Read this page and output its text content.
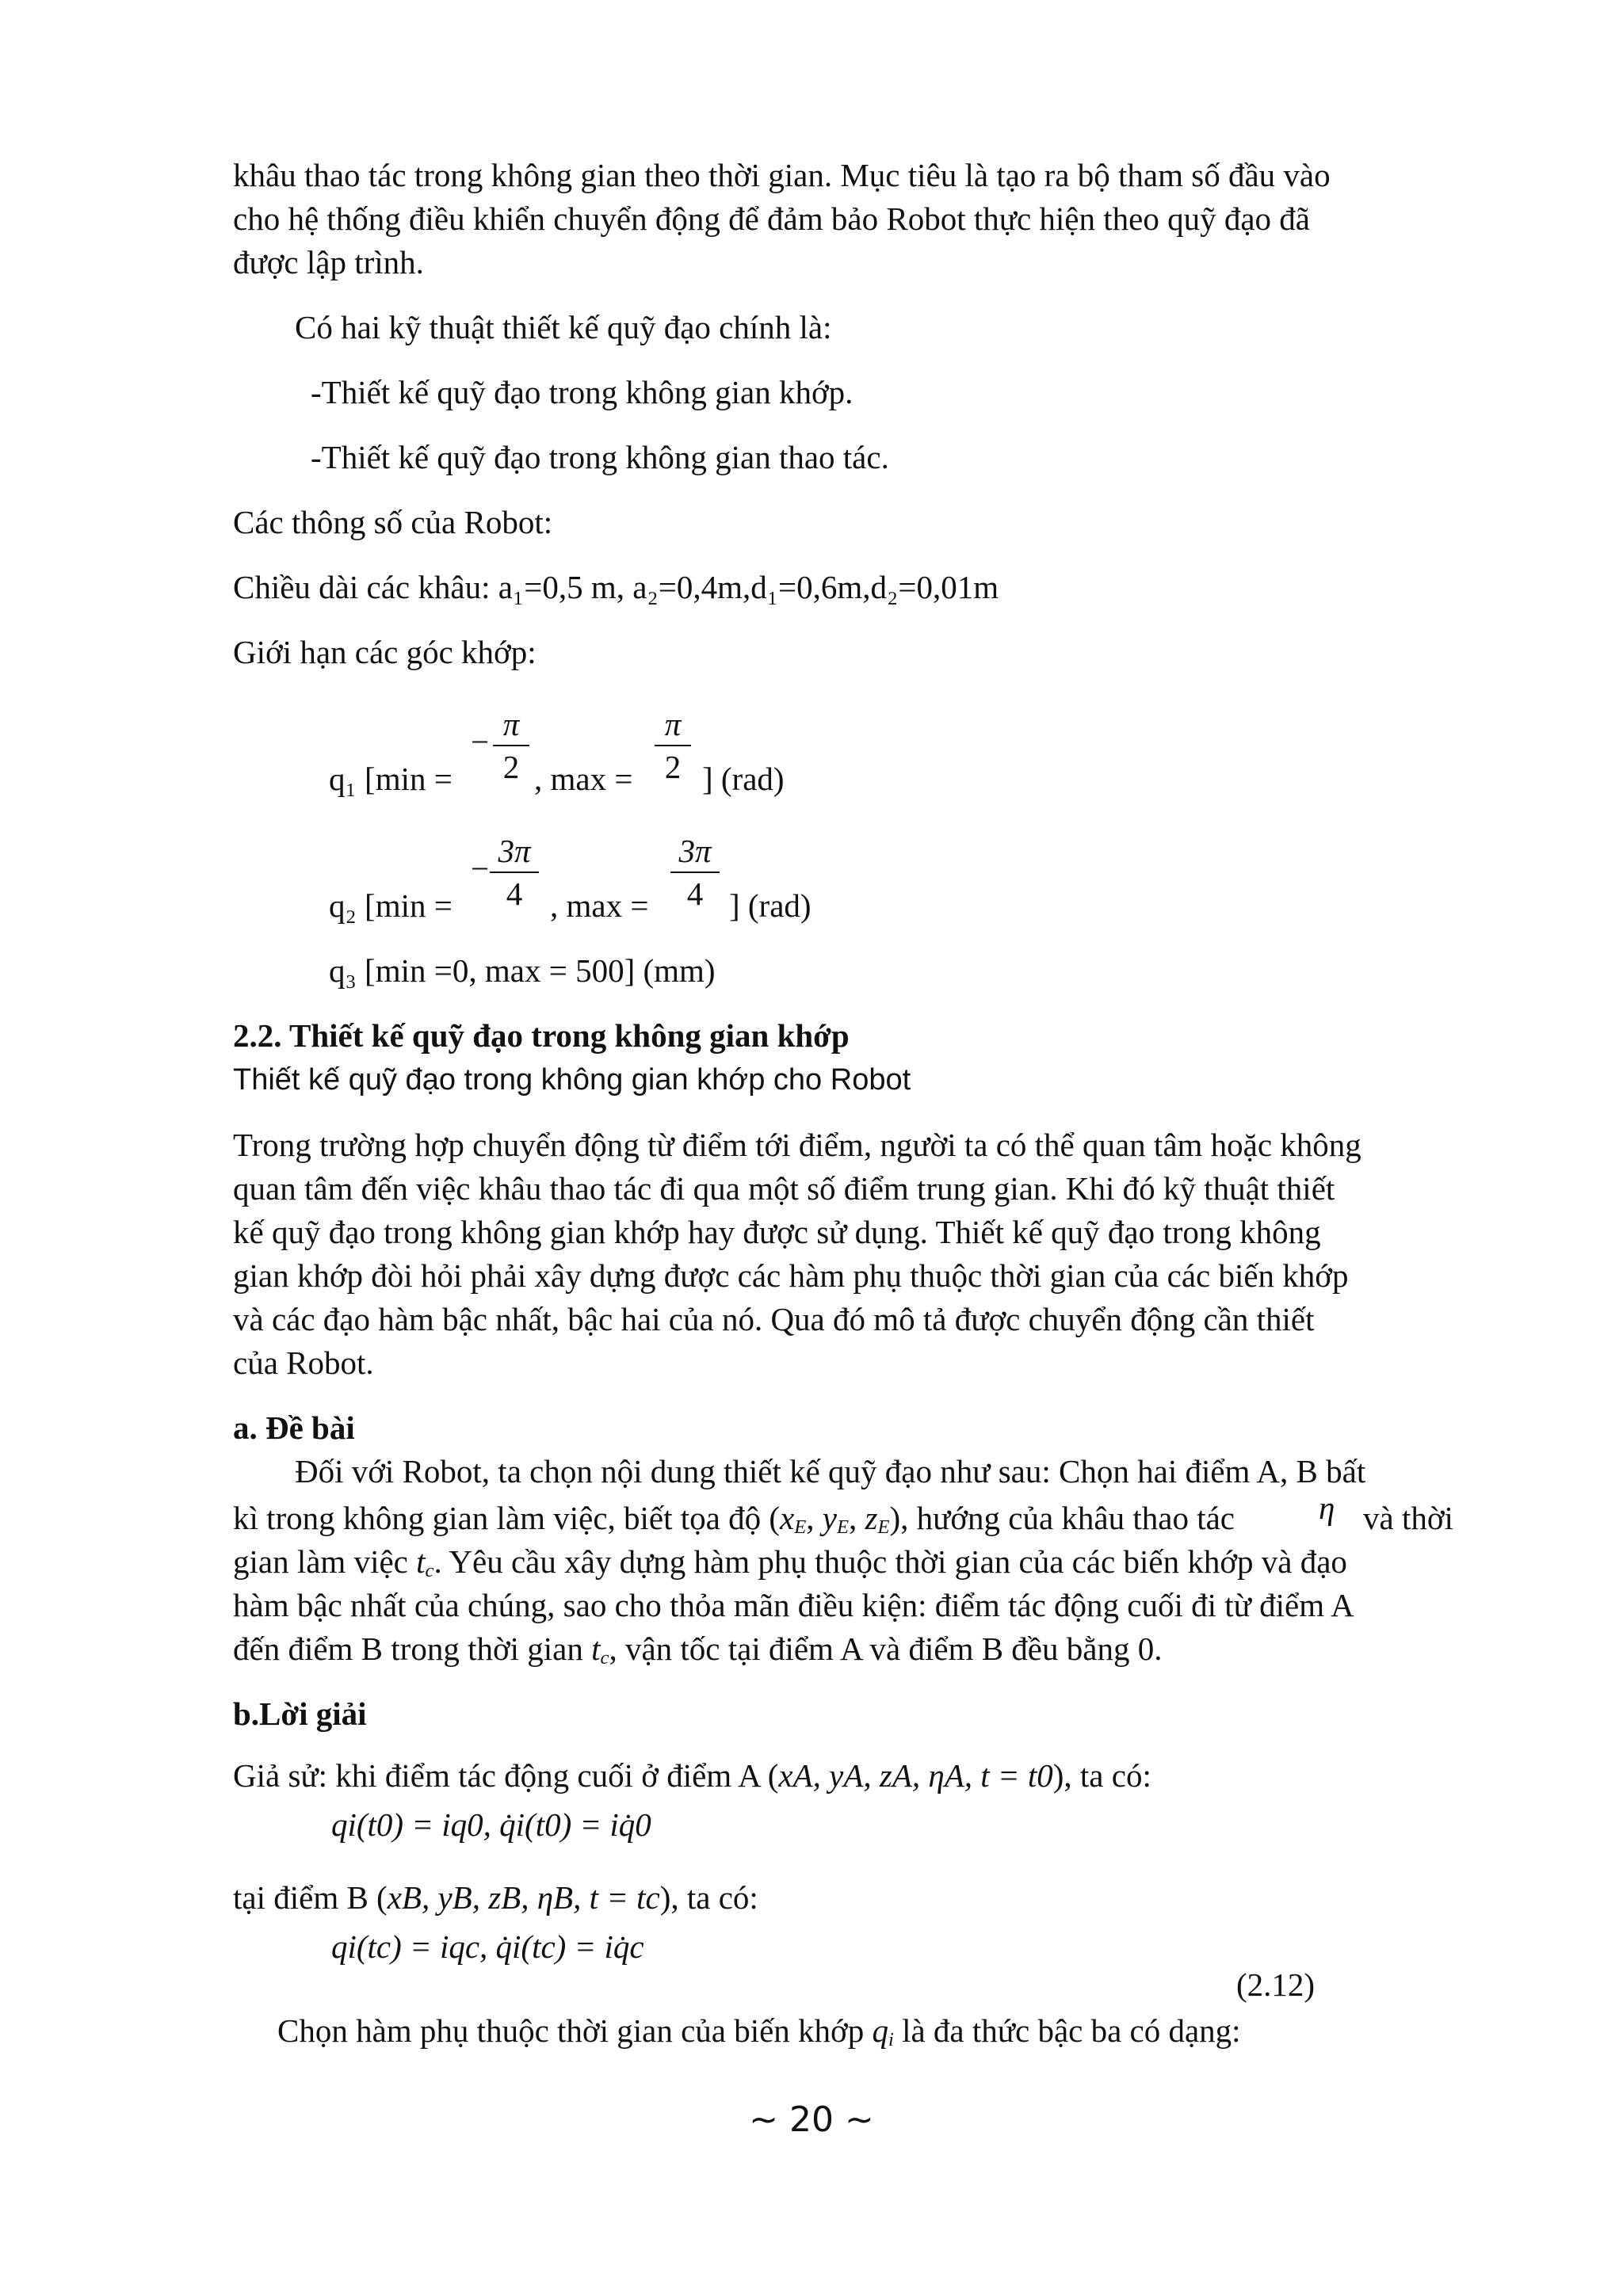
khâu thao tác trong không gian theo thời gian. Mục tiêu là tạo ra bộ tham số đầu vào
cho hệ thống điều khiển chuyển động để đảm bảo Robot thực hiện theo quỹ đạo đã
được lập trình.
Có hai kỹ thuật thiết kế quỹ đạo chính là:
-Thiết kế quỹ đạo trong không gian khớp.
-Thiết kế quỹ đạo trong không gian thao tác.
Các thông số của Robot:
Chiều dài các khâu: a₁=0,5 m, a₂=0,4m,d₁=0,6m,d₂=0,01m
Giới hạn các góc khớp:
q₁ [min =
− $\frac{\pi}{2}$ , $\max = \frac{\pi}{2}$ ] (rad)
q₂ [min =
− $\frac{3\pi}{4}$ , $\max = \frac{3\pi}{4}$ ] (rad)
q₃ [min =0, max = 500] (mm)
2.2. Thiết kế quỹ đạo trong không gian khớp
Thiết kế quỹ đạo trong không gian khớp cho Robot
Trong trường hợp chuyển động từ điểm tới điểm, người ta có thể quan tâm hoặc không
quan tâm đến việc khâu thao tác đi qua một số điểm trung gian. Khi đó kỹ thuật thiết
kế quỹ đạo trong không gian khớp hay được sử dụng. Thiết kế quỹ đạo trong không
gian khớp đòi hỏi phải xây dựng được các hàm phụ thuộc thời gian của các biến khớp
và các đạo hàm bậc nhất, bậc hai của nó. Qua đó mô tả được chuyển động cần thiết
của Robot.
a. Đề bài
Đối với Robot, ta chọn nội dung thiết kế quỹ đạo như sau: Chọn hai điểm A, B bất
kì trong không gian làm việc, biết tọa độ ($x_E$, $y_E$, $z_E$), hướng của khâu thao tác	η và thời
gian làm việc $t_c$. Yêu cầu xây dựng hàm phụ thuộc thời gian của các biến khớp và đạo
hàm bậc nhất của chúng, sao cho thỏa mãn điều kiện: điểm tác động cuối đi từ điểm A
đến điểm B trong thời gian $t_c$, vận tốc tại điểm A và điểm B đều bằng 0.
b.Lời giải
Giả sử: khi điểm tác động cuối ở điểm A (xA, yA, zA, ηA, t = t0), ta có:
qi(t0) = iq0, q̇i(t0) = iq̇0
tại điểm B (xB, yB, zB, ηB, t = tc), ta có:
qi(tc) = iqc, q̇i(tc) = iq̇c
(2.12)
Chọn hàm phụ thuộc thời gian của biến khớp $q_i$ là đa thức bậc ba có dạng:
~ 20 ~
